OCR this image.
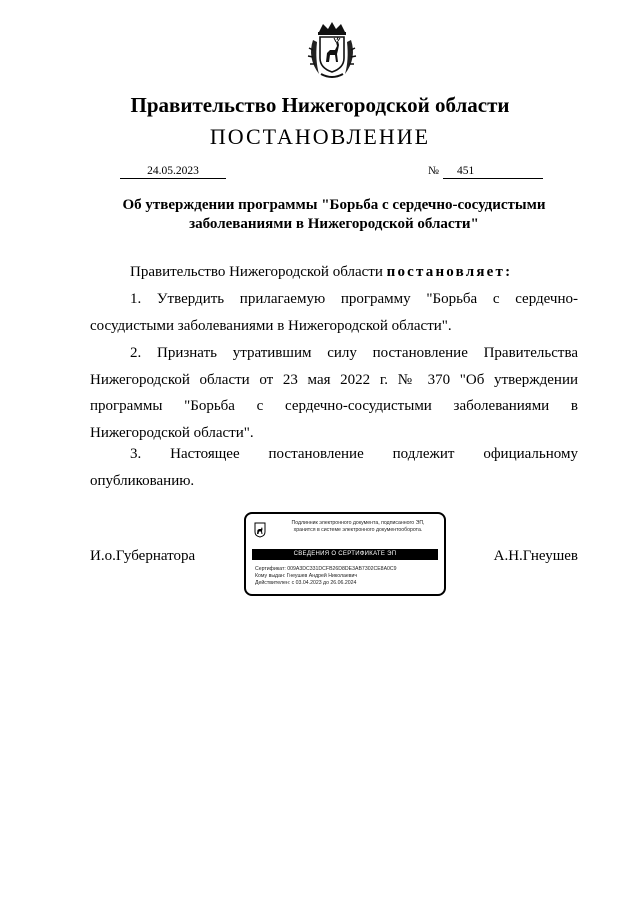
Правительство Нижегородской области
ПОСТАНОВЛЕНИЕ
24.05.2023	№	451
Об утверждении программы "Борьба с сердечно-сосудистыми заболеваниями в Нижегородской области"
Правительство Нижегородской области постановляет:
1. Утвердить прилагаемую программу "Борьба с сердечно-сосудистыми заболеваниями в Нижегородской области".
2. Признать утратившим силу постановление Правительства Нижегородской области от 23 мая 2022 г. № 370 "Об утверждении программы "Борьба с сердечно-сосудистыми заболеваниями в Нижегородской области".
3. Настоящее постановление подлежит официальному опубликованию.
И.о.Губернатора	А.Н.Гнеушев
Подлинник электронного документа, подписанного ЭП,
хранится в системе электронного документооборота.
СВЕДЕНИЯ О СЕРТИФИКАТЕ ЭП
Сертификат: 009A3DC331DCFB26D8DE3AB7302CE8A0C9
Кому выдан: Гнеушев Андрей Николаевич
Действителен: с 03.04.2023 до 26.06.2024
